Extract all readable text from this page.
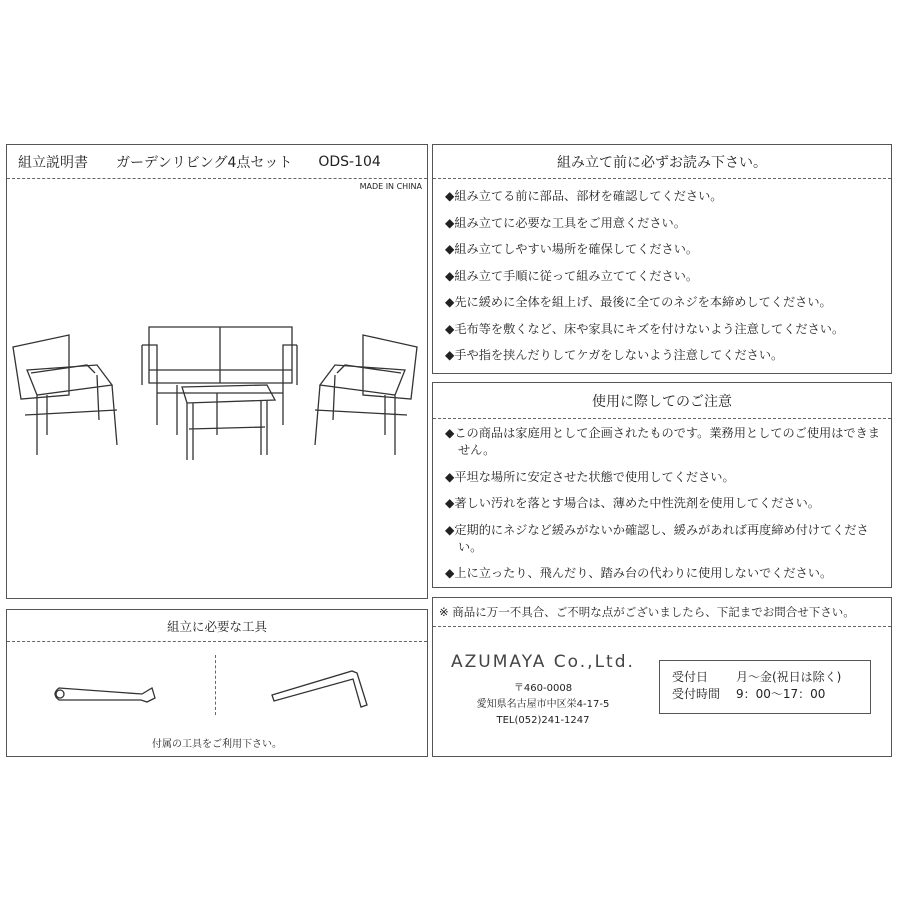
組立説明書 ガーデンリビング4点セット ODS-104
MADE IN CHINA
組み立て前に必ずお読み下さい。
◆組み立てる前に部品、部材を確認してください。
◆組み立てに必要な工具をご用意ください。
◆組み立てしやすい場所を確保してください。
◆組み立て手順に従って組み立ててください。
◆先に緩めに全体を組上げ、最後に全てのネジを本締めしてください。
◆毛布等を敷くなど、床や家具にキズを付けないよう注意してください。
◆手や指を挟んだりしてケガをしないよう注意してください。
使用に際してのご注意
◆この商品は家庭用として企画されたものです。業務用としてのご使用はできません。
◆平坦な場所に安定させた状態で使用してください。
◆著しい汚れを落とす場合は、薄めた中性洗剤を使用してください。
◆定期的にネジなど緩みがないか確認し、緩みがあれば再度締め付けてください。
◆上に立ったり、飛んだり、踏み台の代わりに使用しないでください。
組立に必要な工具
付属の工具をご利用下さい。
※ 商品に万一不具合、ご不明な点がございましたら、下記までお問合せ下さい。
AZUMAYA Co.,Ltd.
〒460-0008
愛知県名古屋市中区栄4-17-5
TEL(052)241-1247
受付日 月～金(祝日は除く)
受付時間 9：00～17：00
